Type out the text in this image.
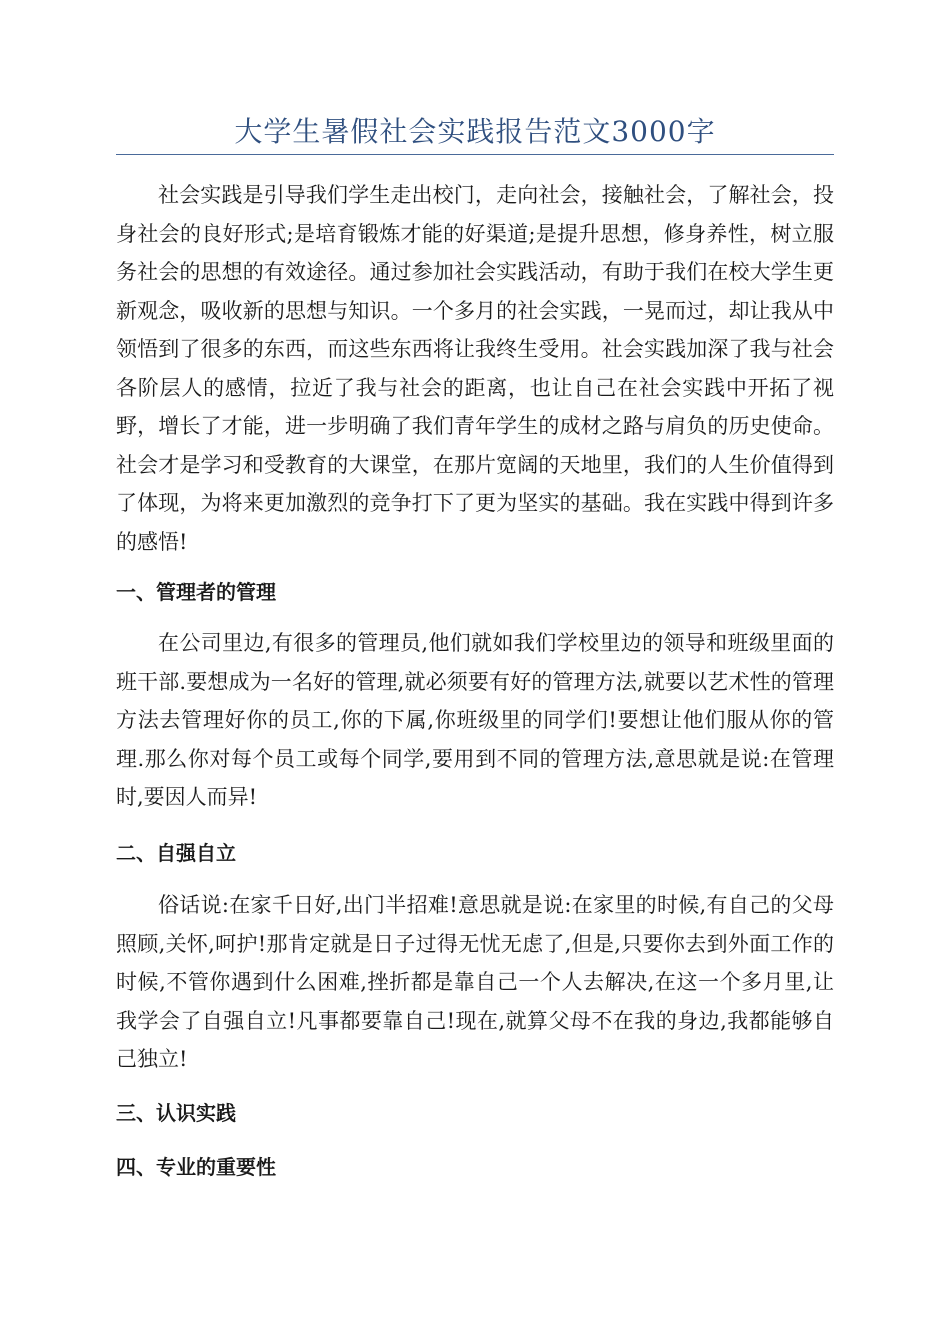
大学生暑假社会实践报告范文3000字

社会实践是引导我们学生走出校门，走向社会，接触社会，了解社会，投身社会的良好形式;是培育锻炼才能的好渠道;是提升思想，修身养性，树立服务社会的思想的有效途径。通过参加社会实践活动，有助于我们在校大学生更新观念，吸收新的思想与知识。一个多月的社会实践，一晃而过，却让我从中领悟到了很多的东西，而这些东西将让我终生受用。社会实践加深了我与社会各阶层人的感情，拉近了我与社会的距离，也让自己在社会实践中开拓了视野，增长了才能，进一步明确了我们青年学生的成材之路与肩负的历史使命。社会才是学习和受教育的大课堂，在那片宽阔的天地里，我们的人生价值得到了体现，为将来更加激烈的竞争打下了更为坚实的基础。我在实践中得到许多的感悟!

一、管理者的管理

在公司里边,有很多的管理员,他们就如我们学校里边的领导和班级里面的班干部.要想成为一名好的管理,就必须要有好的管理方法,就要以艺术性的管理方法去管理好你的员工,你的下属,你班级里的同学们!要想让他们服从你的管理.那么你对每个员工或每个同学,要用到不同的管理方法,意思就是说:在管理时,要因人而异!

二、自强自立

俗话说:在家千日好,出门半招难!意思就是说:在家里的时候,有自己的父母照顾,关怀,呵护!那肯定就是日子过得无忧无虑了,但是,只要你去到外面工作的时候,不管你遇到什么困难,挫折都是靠自己一个人去解决,在这一个多月里,让我学会了自强自立!凡事都要靠自己!现在,就算父母不在我的身边,我都能够自己独立!

三、认识实践
四、专业的重要性
